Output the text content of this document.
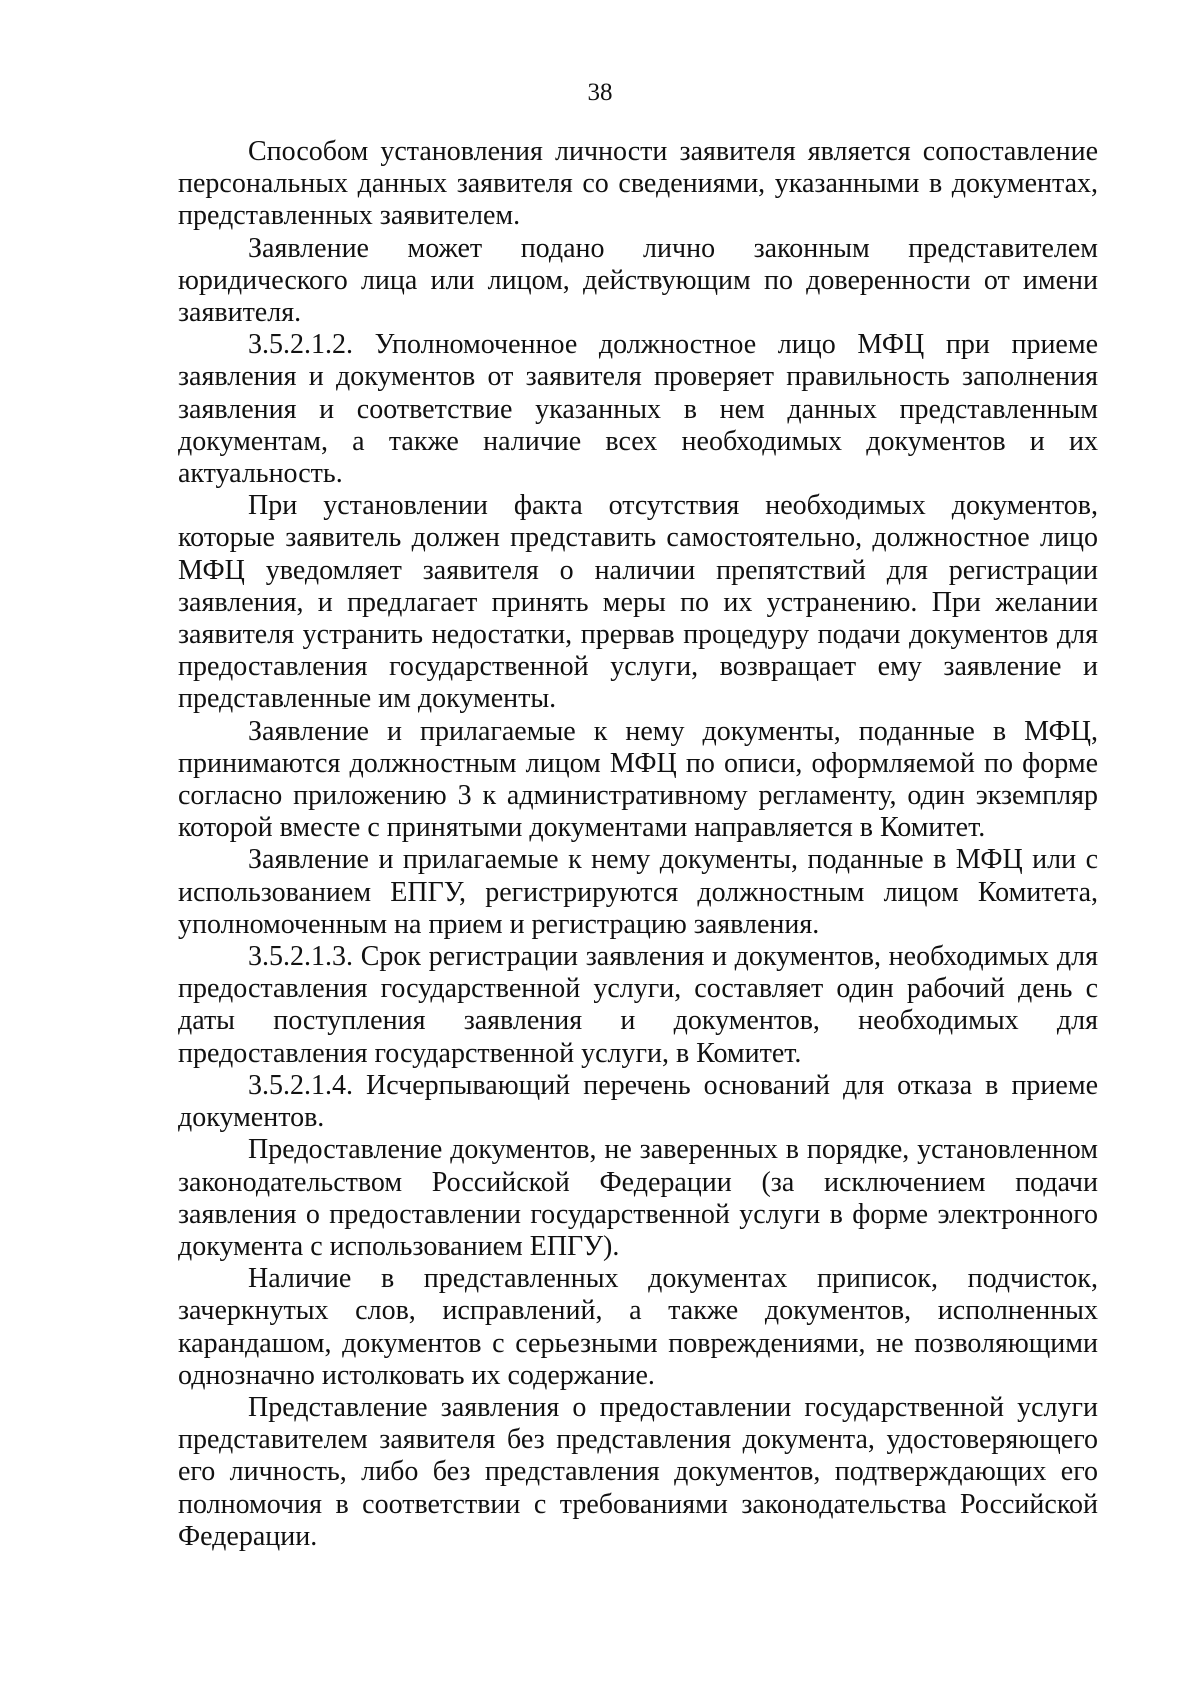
38

Способом установления личности заявителя является сопоставление персональных данных заявителя со сведениями, указанными в документах, представленных заявителем.

Заявление может подано лично законным представителем юридического лица или лицом, действующим по доверенности от имени заявителя.

3.5.2.1.2. Уполномоченное должностное лицо МФЦ при приеме заявления и документов от заявителя проверяет правильность заполнения заявления и соответствие указанных в нем данных представленным документам, а также наличие всех необходимых документов и их актуальность.

При установлении факта отсутствия необходимых документов, которые заявитель должен представить самостоятельно, должностное лицо МФЦ уведомляет заявителя о наличии препятствий для регистрации заявления, и предлагает принять меры по их устранению. При желании заявителя устранить недостатки, прервав процедуру подачи документов для предоставления государственной услуги, возвращает ему заявление и представленные им документы.

Заявление и прилагаемые к нему документы, поданные в МФЦ, принимаются должностным лицом МФЦ по описи, оформляемой по форме согласно приложению 3 к административному регламенту, один экземпляр которой вместе с принятыми документами направляется в Комитет.

Заявление и прилагаемые к нему документы, поданные в МФЦ или с использованием ЕПГУ, регистрируются должностным лицом Комитета, уполномоченным на прием и регистрацию заявления.

3.5.2.1.3. Срок регистрации заявления и документов, необходимых для предоставления государственной услуги, составляет один рабочий день с даты поступления заявления и документов, необходимых для предоставления государственной услуги, в Комитет.

3.5.2.1.4. Исчерпывающий перечень оснований для отказа в приеме документов.

Предоставление документов, не заверенных в порядке, установленном законодательством Российской Федерации (за исключением подачи заявления о предоставлении государственной услуги в форме электронного документа с использованием ЕПГУ).

Наличие в представленных документах приписок, подчисток, зачеркнутых слов, исправлений, а также документов, исполненных карандашом, документов с серьезными повреждениями, не позволяющими однозначно истолковать их содержание.

Представление заявления о предоставлении государственной услуги представителем заявителя без представления документа, удостоверяющего его личность, либо без представления документов, подтверждающих его полномочия в соответствии с требованиями законодательства Российской Федерации.
